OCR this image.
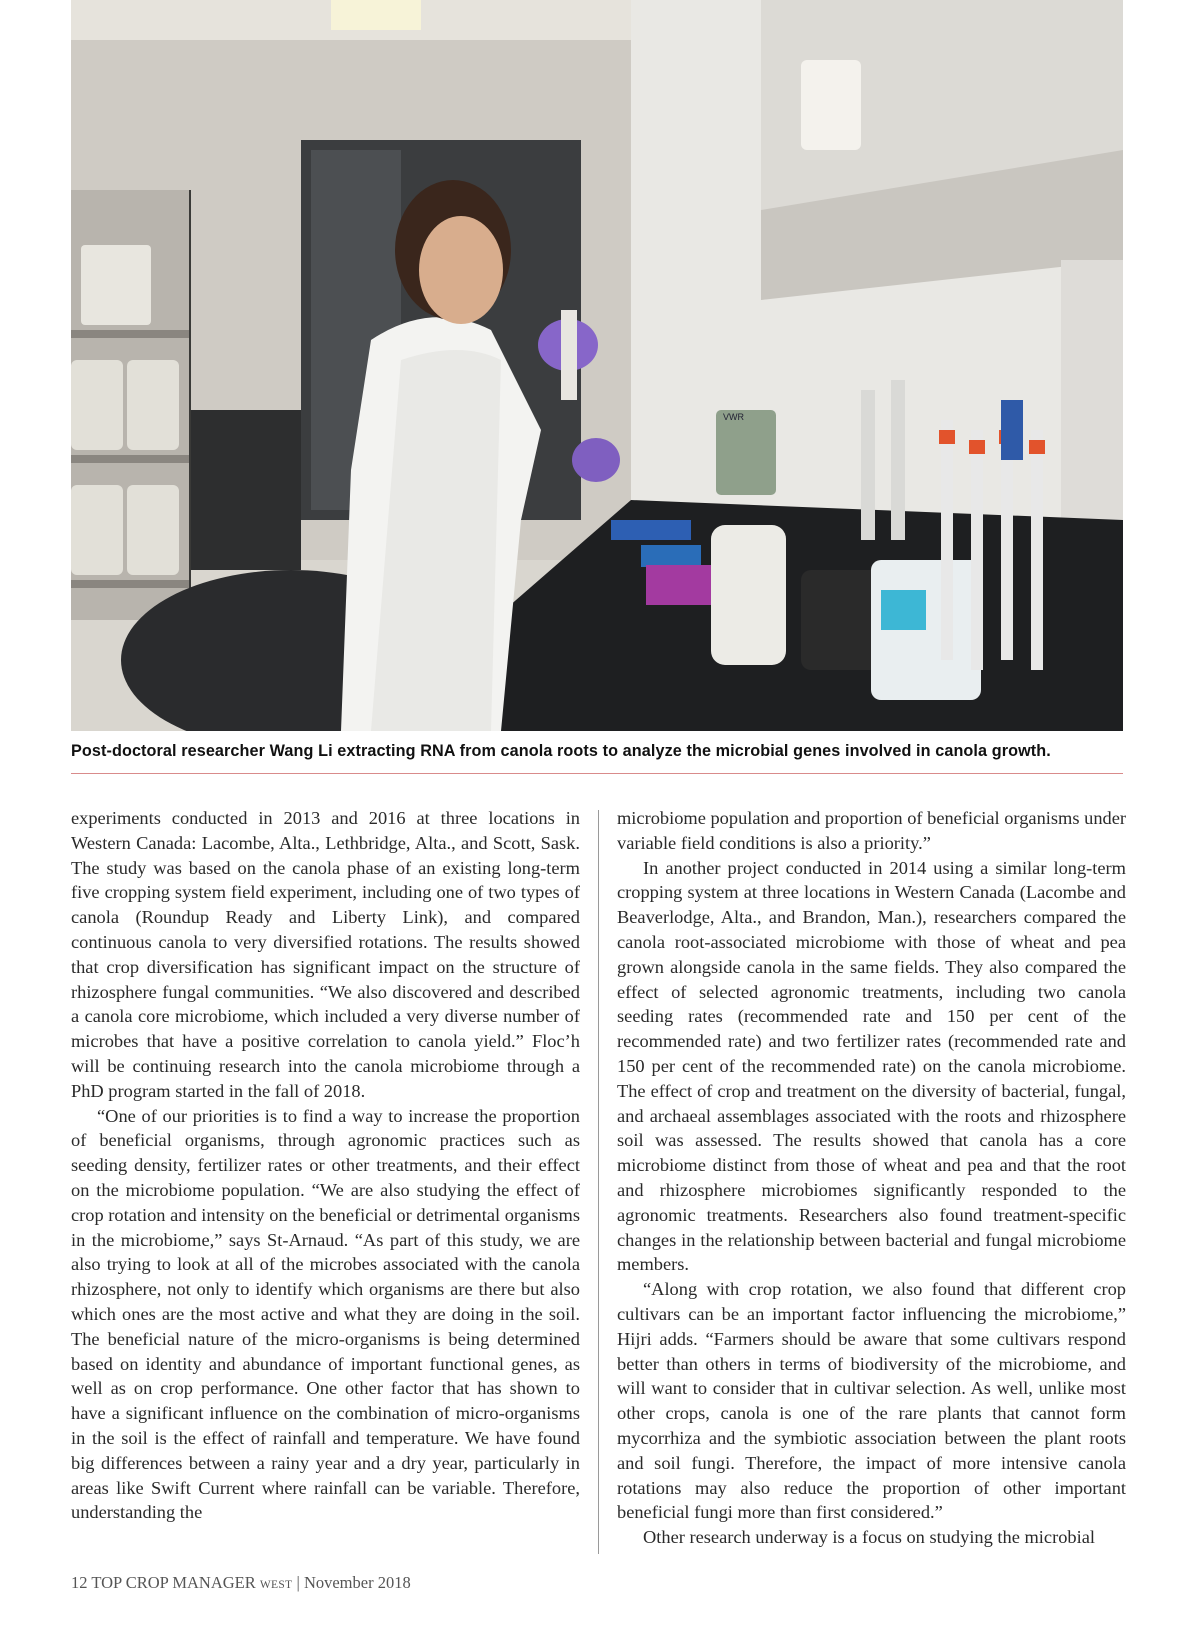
VWR

Post-doctoral researcher Wang Li extracting RNA from canola roots to analyze the microbial genes involved in canola growth.

experiments conducted in 2013 and 2016 at three locations in Western Canada: Lacombe, Alta., Lethbridge, Alta., and Scott, Sask. The study was based on the canola phase of an existing long-term five cropping system field experiment, including one of two types of canola (Roundup Ready and Liberty Link), and compared continuous canola to very diversified rotations. The results showed that crop diversification has significant impact on the structure of rhizosphere fungal communities. “We also discovered and described a canola core microbiome, which included a very diverse number of microbes that have a positive correlation to canola yield.” Floc’h will be continuing research into the canola microbiome through a PhD program started in the fall of 2018.

“One of our priorities is to find a way to increase the proportion of beneficial organisms, through agronomic practices such as seeding density, fertilizer rates or other treatments, and their effect on the microbiome population. “We are also studying the effect of crop rotation and intensity on the beneficial or detrimental organisms in the microbiome,” says St-Arnaud. “As part of this study, we are also trying to look at all of the microbes associated with the canola rhizosphere, not only to identify which organisms are there but also which ones are the most active and what they are doing in the soil. The beneficial nature of the micro-organisms is being determined based on identity and abundance of important functional genes, as well as on crop performance. One other factor that has shown to have a significant influence on the combination of micro-organisms in the soil is the effect of rainfall and temperature. We have found big differences between a rainy year and a dry year, particularly in areas like Swift Current where rainfall can be variable. Therefore, understanding the

microbiome population and proportion of beneficial organisms under variable field conditions is also a priority.”

In another project conducted in 2014 using a similar long-term cropping system at three locations in Western Canada (Lacombe and Beaverlodge, Alta., and Brandon, Man.), researchers compared the canola root-associated microbiome with those of wheat and pea grown alongside canola in the same fields. They also compared the effect of selected agronomic treatments, including two canola seeding rates (recommended rate and 150 per cent of the recommended rate) and two fertilizer rates (recommended rate and 150 per cent of the recommended rate) on the canola microbiome. The effect of crop and treatment on the diversity of bacterial, fungal, and archaeal assemblages associated with the roots and rhizosphere soil was assessed. The results showed that canola has a core microbiome distinct from those of wheat and pea and that the root and rhizosphere microbiomes significantly responded to the agronomic treatments. Researchers also found treatment-specific changes in the relationship between bacterial and fungal microbiome members.

“Along with crop rotation, we also found that different crop cultivars can be an important factor influencing the microbiome,” Hijri adds. “Farmers should be aware that some cultivars respond better than others in terms of biodiversity of the microbiome, and will want to consider that in cultivar selection. As well, unlike most other crops, canola is one of the rare plants that cannot form mycorrhiza and the symbiotic association between the plant roots and soil fungi. Therefore, the impact of more intensive canola rotations may also reduce the proportion of other important beneficial fungi more than first considered.”

Other research underway is a focus on studying the microbial

12 TOP CROP MANAGER WEST | November 2018
